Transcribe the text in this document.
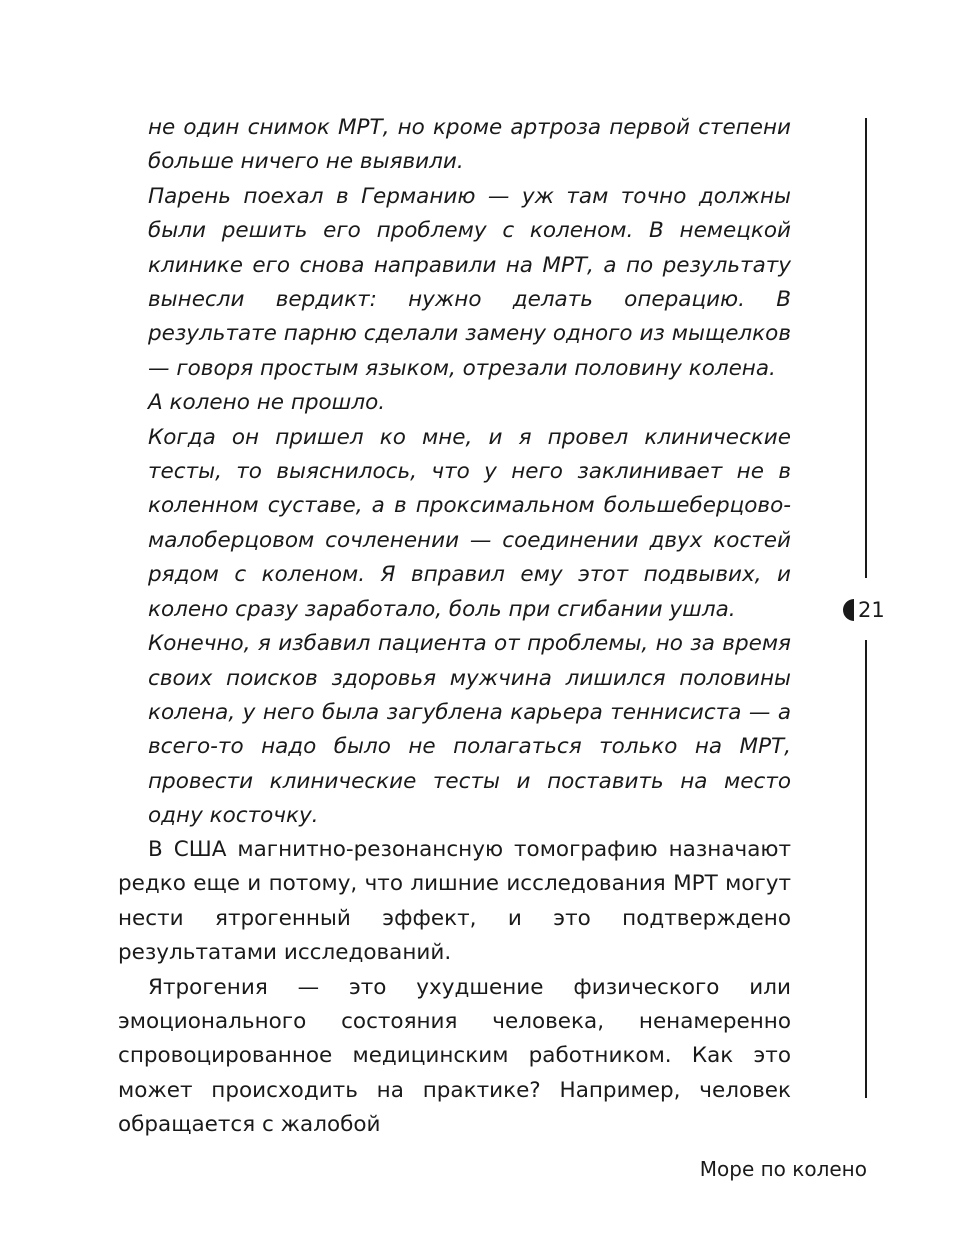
не один снимок МРТ, но кроме артроза первой степени больше ничего не выявили.

Парень поехал в Германию — уж там точно должны были решить его проблему с коленом. В немецкой клинике его снова направили на МРТ, а по результату вынесли вердикт: нужно делать операцию. В результате парню сделали замену одного из мыщелков — говоря простым языком, отрезали половину колена.

А колено не прошло.

Когда он пришел ко мне, и я провел клинические тесты, то выяснилось, что у него заклинивает не в коленном суставе, а в проксимальном большеберцово-малоберцовом сочленении — соединении двух костей рядом с коленом. Я вправил ему этот подвывих, и колено сразу заработало, боль при сгибании ушла.

Конечно, я избавил пациента от проблемы, но за время своих поисков здоровья мужчина лишился половины колена, у него была загублена карьера теннисиста — а всего-то надо было не полагаться только на МРТ, провести клинические тесты и поставить на место одну косточку.

В США магнитно-резонансную томографию назначают редко еще и потому, что лишние исследования МРТ могут нести ятрогенный эффект, и это подтверждено результатами исследований.

Ятрогения — это ухудшение физического или эмоционального состояния человека, ненамеренно спровоцированное медицинским работником. Как это может происходить на практике? Например, человек обращается с жалобой

21
Море по колено
